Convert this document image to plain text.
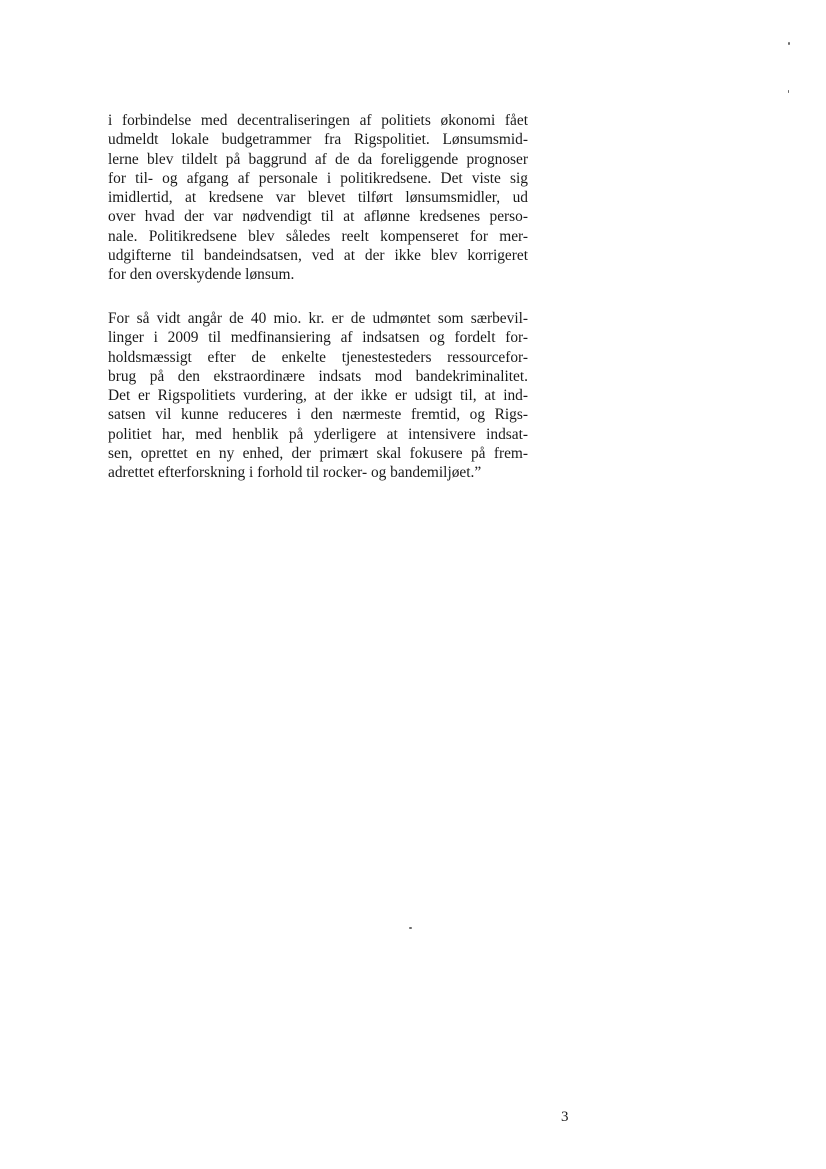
i forbindelse med decentraliseringen af politiets økonomi fået
udmeldt lokale budgetrammer fra Rigspolitiet. Lønsumsmid-
lerne blev tildelt på baggrund af de da foreliggende prognoser
for til- og afgang af personale i politikredsene. Det viste sig
imidlertid, at kredsene var blevet tilført lønsumsmidler, ud
over hvad der var nødvendigt til at aflønne kredsenes perso-
nale. Politikredsene blev således reelt kompenseret for mer-
udgifterne til bandeindsatsen, ved at der ikke blev korrigeret
for den overskydende lønsum.

For så vidt angår de 40 mio. kr. er de udmøntet som særbevil-
linger i 2009 til medfinansiering af indsatsen og fordelt for-
holdsmæssigt efter de enkelte tjenestesteders ressourcefor-
brug på den ekstraordinære indsats mod bandekriminalitet.
Det er Rigspolitiets vurdering, at der ikke er udsigt til, at ind-
satsen vil kunne reduceres i den nærmeste fremtid, og Rigs-
politiet har, med henblik på yderligere at intensivere indsat-
sen, oprettet en ny enhed, der primært skal fokusere på frem-
adrettet efterforskning i forhold til rocker- og bandemiljøet.”

3
